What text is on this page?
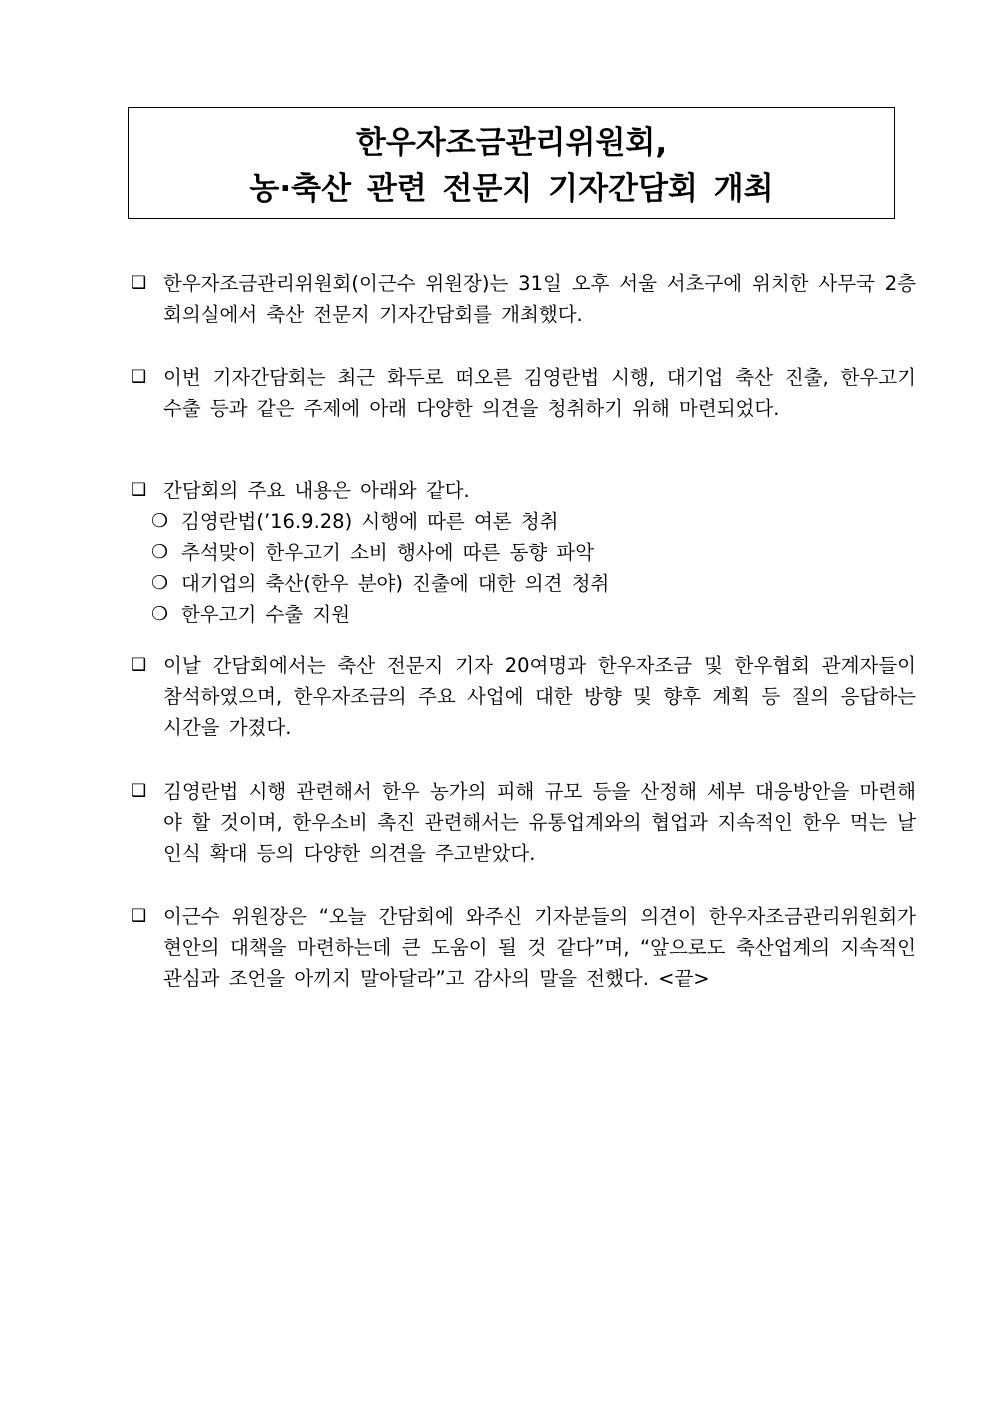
한우자조금관리위원회,
농·축산 관련 전문지 기자간담회 개최
❑ 한우자조금관리위원회(이근수 위원장)는 31일 오후 서울 서초구에 위치한 사무국 2층 회의실에서 축산 전문지 기자간담회를 개최했다.
❑ 이번 기자간담회는 최근 화두로 떠오른 김영란법 시행, 대기업 축산 진출, 한우고기 수출 등과 같은 주제에 아래 다양한 의견을 청취하기 위해 마련되었다.
❑ 간담회의 주요 내용은 아래와 같다.
❍ 김영란법(’16.9.28) 시행에 따른 여론 청취
❍ 추석맞이 한우고기 소비 행사에 따른 동향 파악
❍ 대기업의 축산(한우 분야) 진출에 대한 의견 청취
❍ 한우고기 수출 지원
❑ 이날 간담회에서는 축산 전문지 기자 20여명과 한우자조금 및 한우협회 관계자들이 참석하였으며, 한우자조금의 주요 사업에 대한 방향 및 향후 계획 등 질의 응답하는 시간을 가졌다.
❑ 김영란법 시행 관련해서 한우 농가의 피해 규모 등을 산정해 세부 대응방안을 마련해야 할 것이며, 한우소비 촉진 관련해서는 유통업계와의 협업과 지속적인 한우 먹는 날 인식 확대 등의 다양한 의견을 주고받았다.
❑ 이근수 위원장은 “오늘 간담회에 와주신 기자분들의 의견이 한우자조금관리위원회가 현안의 대책을 마련하는데 큰 도움이 될 것 같다”며, “앞으로도 축산업계의 지속적인 관심과 조언을 아끼지 말아달라”고 감사의 말을 전했다. <끝>
